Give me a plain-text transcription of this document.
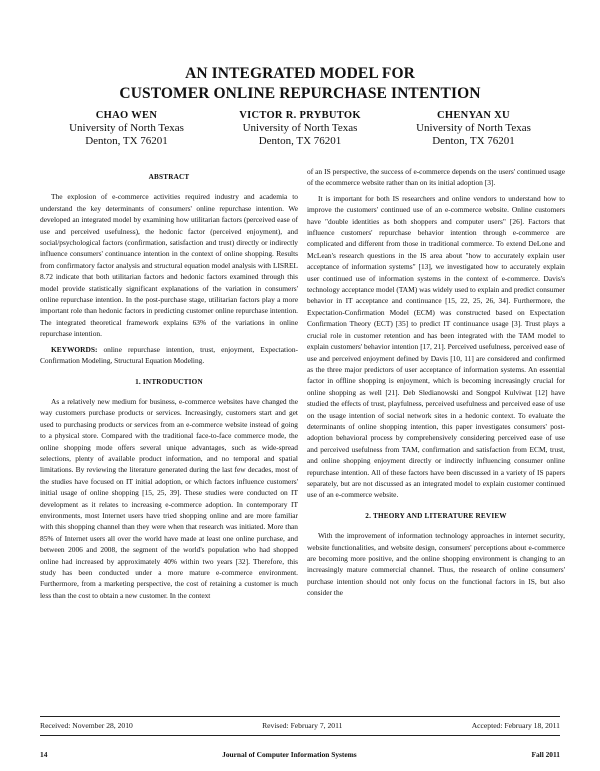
AN INTEGRATED MODEL FOR
CUSTOMER ONLINE REPURCHASE INTENTION
CHAO WEN
University of North Texas
Denton, TX 76201
VICTOR R. PRYBUTOK
University of North Texas
Denton, TX 76201
CHENYAN XU
University of North Texas
Denton, TX 76201
ABSTRACT

The explosion of e-commerce activities required industry and academia to understand the key determinants of consumers' online repurchase intention. We developed an integrated model by examining how utilitarian factors (perceived ease of use and perceived usefulness), the hedonic factor (perceived enjoyment), and social/psychological factors (confirmation, satisfaction and trust) directly or indirectly influence consumers' continuance intention in the context of online shopping. Results from confirmatory factor analysis and structural equation model analysis with LISREL 8.72 indicate that both utilitarian factors and hedonic factors examined through this model provide statistically significant explanations of the variation in consumers' online repurchase intention. In the post-purchase stage, utilitarian factors play a more important role than hedonic factors in predicting customer online repurchase intention. The integrated theoretical framework explains 63% of the variations in online repurchase intention.

KEYWORDS: online repurchase intention, trust, enjoyment, Expectation-Confirmation Modeling, Structural Equation Modeling.

1. INTRODUCTION

As a relatively new medium for business, e-commerce websites have changed the way customers purchase products or services. Increasingly, customers start and get used to purchasing products or services from an e-commerce website instead of going to a physical store. Compared with the traditional face-to-face commerce mode, the online shopping mode offers several unique advantages, such as wide-spread selections, plenty of available product information, and no temporal and spatial limitations. By reviewing the literature generated during the last few decades, most of the studies have focused on IT initial adoption, or which factors influence customers' initial usage of online shopping [15, 25, 39]. These studies were conducted on IT development as it relates to increasing e-commerce adoption. In contemporary IT environments, most Internet users have tried shopping online and are more familiar with this shopping channel than they were when that research was initiated. More than 85% of Internet users all over the world have made at least one online purchase, and between 2006 and 2008, the segment of the world's population who had shopped online had increased by approximately 40% within two years [32]. Therefore, this study has been conducted under a more mature e-commerce environment. Furthermore, from a marketing perspective, the cost of retaining a customer is much less than the cost to obtain a new customer. In the context

of an IS perspective, the success of e-commerce depends on the users' continued usage of the ecommerce website rather than on its initial adoption [3].

It is important for both IS researchers and online vendors to understand how to improve the customers' continued use of an e-commerce website. Online customers have "double identities as both shoppers and computer users" [26]. Factors that influence customers' repurchase behavior intention through e-commerce are complicated and different from those in traditional commerce. To extend DeLone and McLean's research questions in the IS area about "how to accurately explain user acceptance of information systems" [13], we investigated how to accurately explain user continued use of information systems in the context of e-commerce. Davis's technology acceptance model (TAM) was widely used to explain and predict consumer behavior in IT acceptance and continuance [15, 22, 25, 26, 34]. Furthermore, the Expectation-Confirmation Model (ECM) was constructed based on Expectation Confirmation Theory (ECT) [35] to predict IT continuance usage [3]. Trust plays a crucial role in customer retention and has been integrated with the TAM model to explain customers' behavior intention [17, 21]. Perceived usefulness, perceived ease of use and perceived enjoyment defined by Davis [10, 11] are considered and confirmed as the three major predictors of user acceptance of information systems. An essential factor in offline shopping is enjoyment, which is becoming increasingly crucial for online shopping as well [21]. Deb Sledianowski and Songpol Kulviwat [12] have studied the effects of trust, playfulness, perceived usefulness and perceived ease of use on the usage intention of social network sites in a hedonic context. To evaluate the determinants of online shopping intention, this paper investigates consumers' post-adoption behavioral process by comprehensively considering perceived ease of use and perceived usefulness from TAM, confirmation and satisfaction from ECM, trust, and online shopping enjoyment directly or indirectly influencing consumer online repurchase intention. All of these factors have been discussed in a variety of IS papers separately, but are not discussed as an integrated model to explain customer continued use of an e-commerce website.

2. THEORY AND LITERATURE REVIEW

With the improvement of information technology approaches in internet security, website functionalities, and website design, consumers' perceptions about e-commerce are becoming more positive, and the online shopping environment is changing to an increasingly mature commercial channel. Thus, the research of online consumers' purchase intention should not only focus on the functional factors in IS, but also consider the

Received: November 28, 2010	Revised: February 7, 2011	Accepted: February 18, 2011
14	Journal of Computer Information Systems	Fall 2011
